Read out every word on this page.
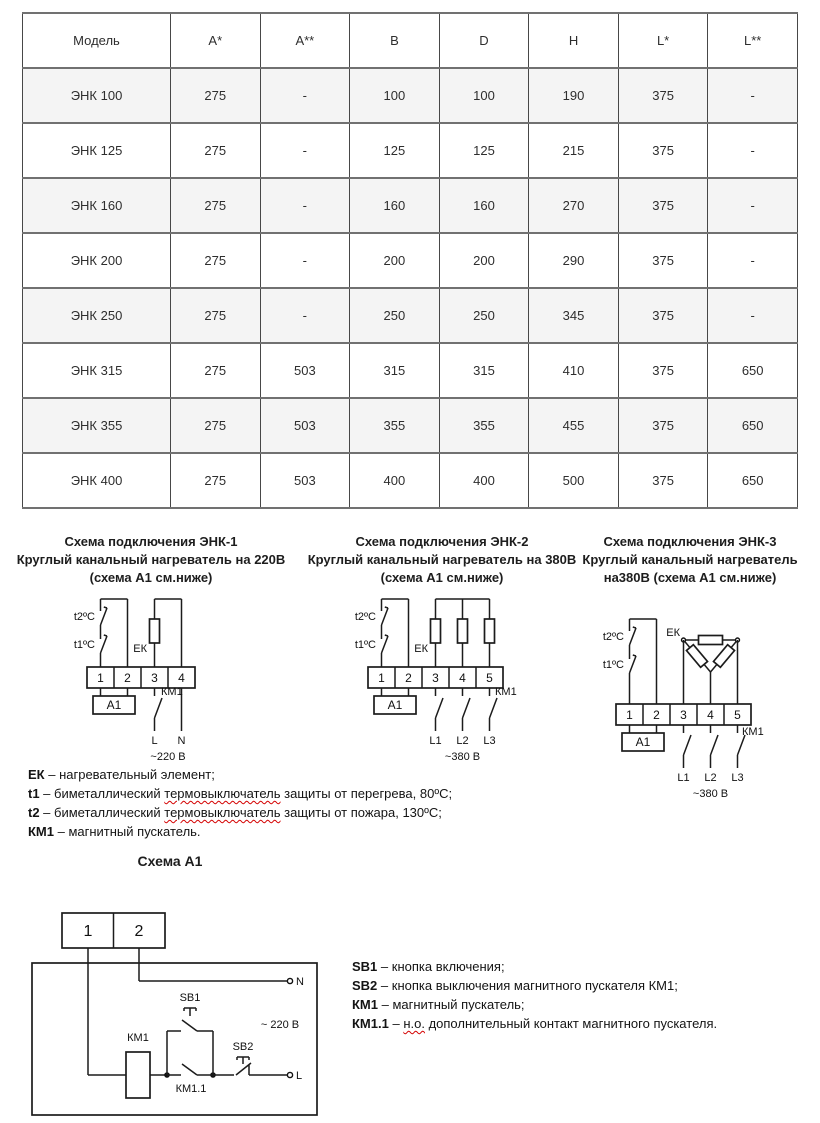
Модель	A*	A**	B	D	H	L*	L**
ЭНК 100	275	-	100	100	190	375	-
ЭНК 125	275	-	125	125	215	375	-
ЭНК 160	275	-	160	160	270	375	-
ЭНК 200	275	-	200	200	290	375	-
ЭНК 250	275	-	250	250	345	375	-
ЭНК 315	275	503	315	315	410	375	650
ЭНК 355	275	503	355	355	455	375	650
ЭНК 400	275	503	400	400	500	375	650
Схема подключения ЭНК-1
Круглый канальный нагреватель на 220В
(схема А1 см.ниже)
1 2 3 4
А1
t2ºC
t1ºC	ЕК
КМ1
L N
~220 В
Схема подключения ЭНК-2
Круглый канальный нагреватель на 380В
(схема А1 см.ниже)
1 2 3 4 5
А1
t2ºC
t1ºC	ЕК
КМ1
L1 L2 L3
~380 В
Схема подключения ЭНК-3
Круглый канальный нагреватель
на380В (схема А1 см.ниже)
1 2 3 4 5
А1
t2ºC
t1ºC
ЕК
КМ1
L1 L2 L3
~380 В
ЕК – нагревательный элемент;
t1 – биметаллический термовыключатель защиты от перегрева, 80ºС;
t2 – биметаллический термовыключатель защиты от пожара, 130ºС;
КМ1 – магнитный пускатель.
Схема А1
1	2
N
L
КМ1
SB1
SB2
КМ1.1
~ 220 В
SB1 – кнопка включения;
SB2 – кнопка выключения магнитного пускателя КМ1;
КМ1 – магнитный пускатель;
КМ1.1 – н.о. дополнительный контакт магнитного пускателя.
